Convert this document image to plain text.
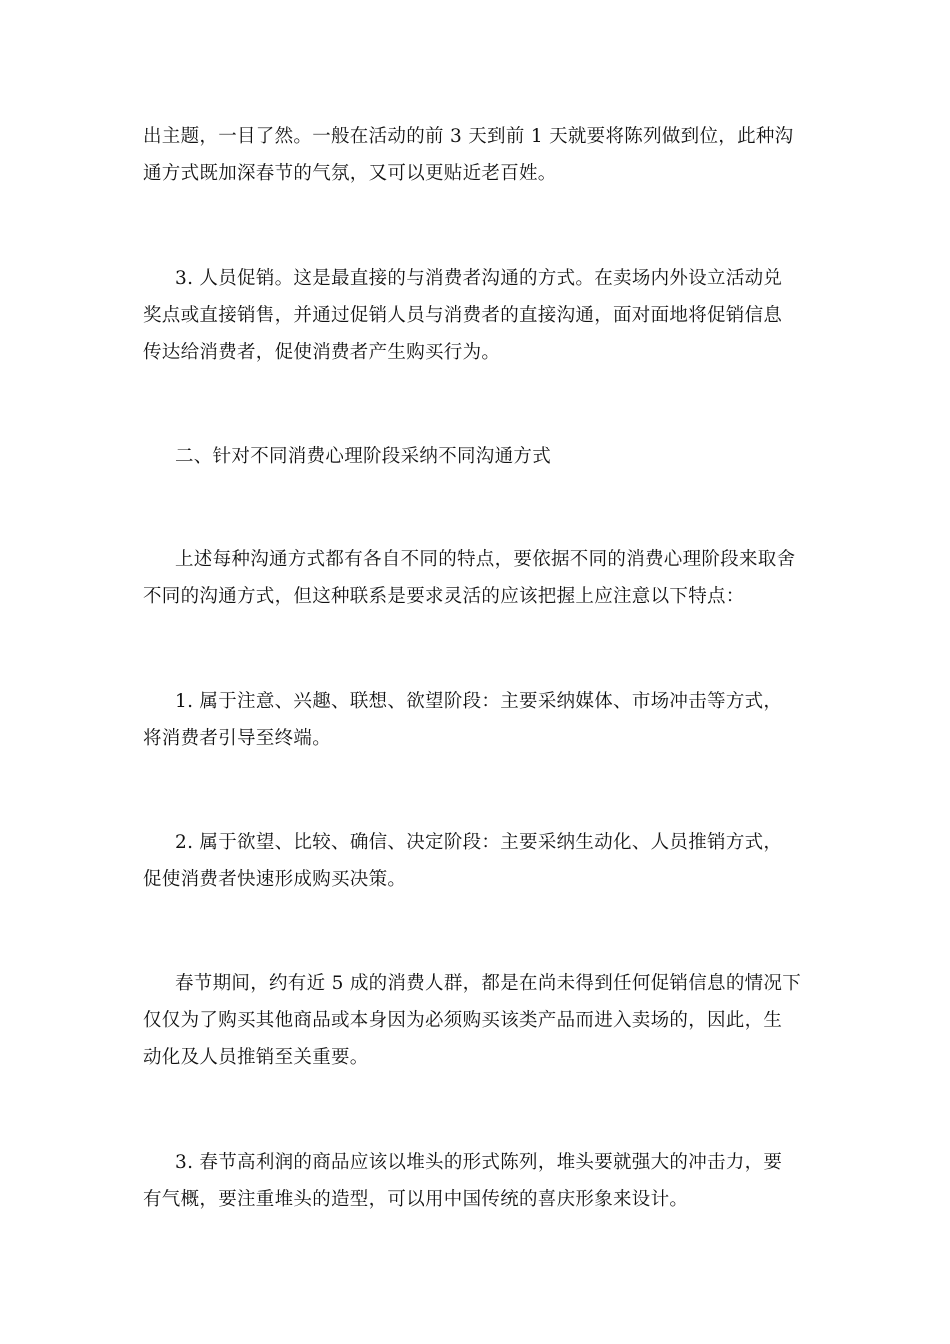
出主题，一目了然。一般在活动的前 3 天到前 1 天就要将陈列做到位，此种沟
通方式既加深春节的气氛，又可以更贴近老百姓。
3. 人员促销。这是最直接的与消费者沟通的方式。在卖场内外设立活动兑
奖点或直接销售，并通过促销人员与消费者的直接沟通，面对面地将促销信息
传达给消费者，促使消费者产生购买行为。
二、针对不同消费心理阶段采纳不同沟通方式
上述每种沟通方式都有各自不同的特点，要依据不同的消费心理阶段来取舍
不同的沟通方式，但这种联系是要求灵活的应该把握上应注意以下特点：
1. 属于注意、兴趣、联想、欲望阶段：主要采纳媒体、市场冲击等方式，
将消费者引导至终端。
2. 属于欲望、比较、确信、决定阶段：主要采纳生动化、人员推销方式，
促使消费者快速形成购买决策。
春节期间，约有近 5 成的消费人群，都是在尚未得到任何促销信息的情况下
仅仅为了购买其他商品或本身因为必须购买该类产品而进入卖场的，因此，生
动化及人员推销至关重要。
3. 春节高利润的商品应该以堆头的形式陈列，堆头要就强大的冲击力，要
有气概，要注重堆头的造型，可以用中国传统的喜庆形象来设计。
